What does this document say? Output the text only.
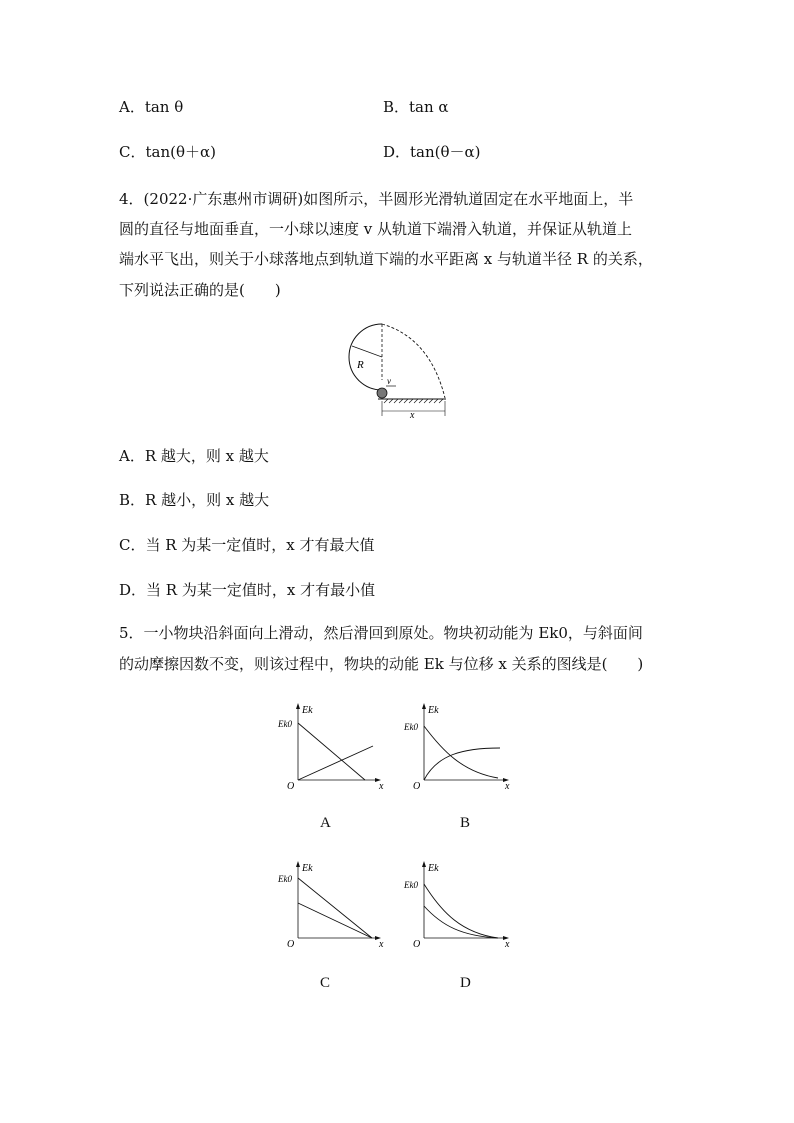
A．tan θ	B．tan α
C．tan(θ＋α)	D．tan(θ－α)
4．(2022·广东惠州市调研)如图所示，半圆形光滑轨道固定在水平地面上，半
圆的直径与地面垂直，一小球以速度 v 从轨道下端滑入轨道，并保证从轨道上
端水平飞出，则关于小球落地点到轨道下端的水平距离 x 与轨道半径 R 的关系，
下列说法正确的是(　　)
R
v
x
A．R 越大，则 x 越大
B．R 越小，则 x 越大
C．当 R 为某一定值时，x 才有最大值
D．当 R 为某一定值时，x 才有最小值
5．一小物块沿斜面向上滑动，然后滑回到原处。物块初动能为 Ek0，与斜面间
的动摩擦因数不变，则该过程中，物块的动能 Ek 与位移 x 关系的图线是(　　)
Ek
Ek0
O	x
A
Ek
Ek0
O	x
B
Ek
Ek0
O	x
C
Ek
Ek0
O	x
D
